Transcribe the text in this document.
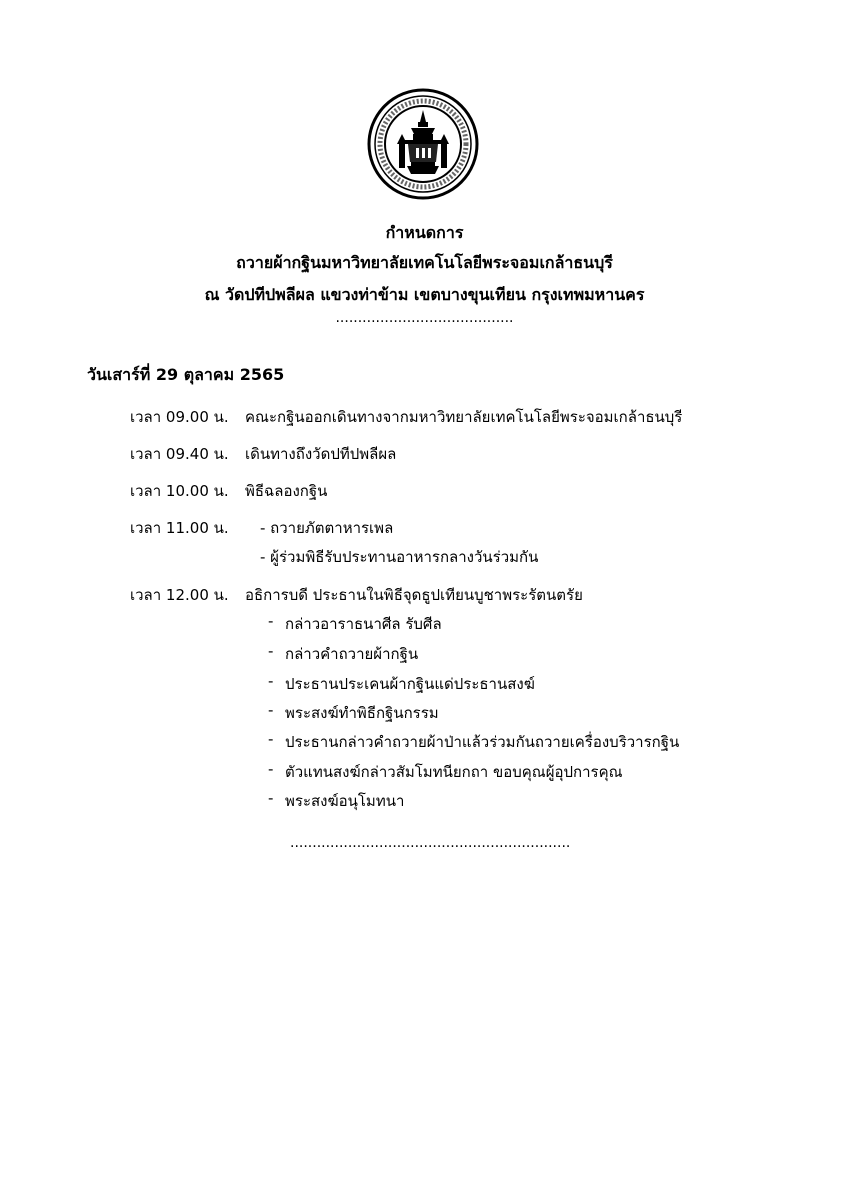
กำหนดการ
ถวายผ้ากฐินมหาวิทยาลัยเทคโนโลยีพระจอมเกล้าธนบุรี
ณ วัดปทีปพลีผล แขวงท่าข้าม เขตบางขุนเทียน กรุงเทพมหานคร
........................................
วันเสาร์ที่ 29 ตุลาคม 2565
เวลา 09.00 น. คณะกฐินออกเดินทางจากมหาวิทยาลัยเทคโนโลยีพระจอมเกล้าธนบุรี
เวลา 09.40 น. เดินทางถึงวัดปทีปพลีผล
เวลา 10.00 น. พิธีฉลองกฐิน
เวลา 11.00 น. - ถวายภัตตาหารเพล
- ผู้ร่วมพิธีรับประทานอาหารกลางวันร่วมกัน
เวลา 12.00 น. อธิการบดี ประธานในพิธีจุดธูปเทียนบูชาพระรัตนตรัย
- กล่าวอาราธนาศีล รับศีล
- กล่าวคำถวายผ้ากฐิน
- ประธานประเคนผ้ากฐินแด่ประธานสงฆ์
- พระสงฆ์ทำพิธีกฐินกรรม
- ประธานกล่าวคำถวายผ้าป่าแล้วร่วมกันถวายเครื่องบริวารกฐิน
- ตัวแทนสงฆ์กล่าวสัมโมทนียกถา ขอบคุณผู้อุปการคุณ
- พระสงฆ์อนุโมทนา
...............................................................
